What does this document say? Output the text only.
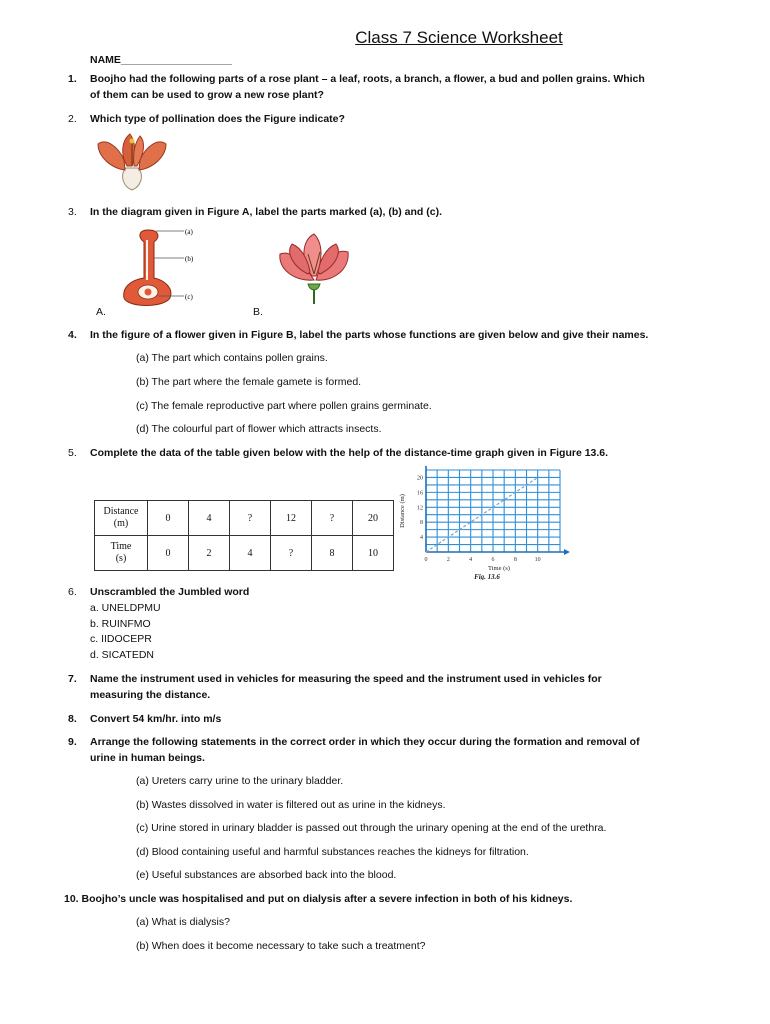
Class 7 Science Worksheet
NAME___________________
1. Boojho had the following parts of a rose plant – a leaf, roots, a branch, a flower, a bud and pollen grains. Which
of them can be used to grow a new rose plant?
2. Which type of pollination does the Figure indicate?
3. In the diagram given in Figure A, label the parts marked (a), (b) and (c).
(a)
(b)
(c)
A.	B.
4. In the figure of a flower given in Figure B, label the parts whose functions are given below and give their names.
(a) The part which contains pollen grains.
(b) The part where the female gamete is formed.
(c) The female reproductive part where pollen grains germinate.
(d) The colourful part of flower which attracts insects.
5. Complete the data of the table given below with the help of the distance-time graph given in Figure 13.6.
Distance
(m)	0	4	?	12	?	20
Time
(s)	0	2	4	?	8	10
0	2	4	6	8	10
4
8
12
16
20
Time (s)
Distance (m)
Fig. 13.6
6. Unscrambled the Jumbled word
a. UNELDPMU
b. RUINFMO
c. IIDOCEPR
d. SICATEDN
7. Name the instrument used in vehicles for measuring the speed and the instrument used in vehicles for
measuring the distance.
8. Convert 54 km/hr. into m/s
9. Arrange the following statements in the correct order in which they occur during the formation and removal of
urine in human beings.
(a) Ureters carry urine to the urinary bladder.
(b) Wastes dissolved in water is filtered out as urine in the kidneys.
(c) Urine stored in urinary bladder is passed out through the urinary opening at the end of the urethra.
(d) Blood containing useful and harmful substances reaches the kidneys for filtration.
(e) Useful substances are absorbed back into the blood.
10. Boojho’s uncle was hospitalised and put on dialysis after a severe infection in both of his kidneys.
(a) What is dialysis?
(b) When does it become necessary to take such a treatment?
